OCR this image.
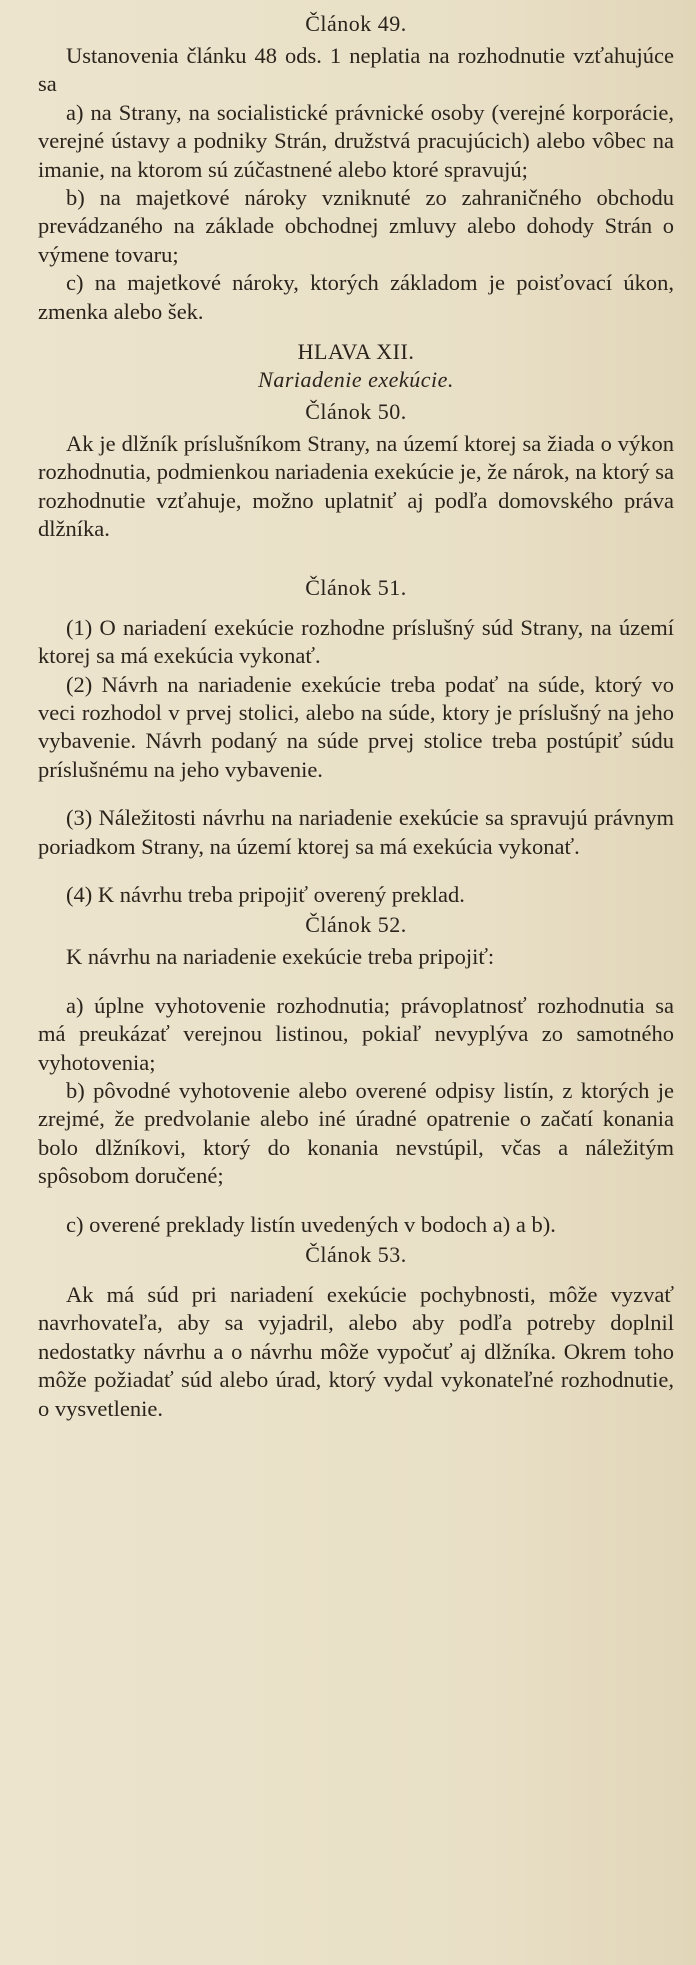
Článok 49.

Ustanovenia článku 48 ods. 1 neplatia na rozhodnutie vzťahujúce sa

a) na Strany, na socialistické právnické osoby (verejné korporácie, verejné ústavy a podniky Strán, družstvá pracujúcich) alebo vôbec na imanie, na ktorom sú zúčastnené alebo ktoré spravujú;

b) na majetkové nároky vzniknuté zo zahraničného obchodu prevádzaného na základe obchodnej zmluvy alebo dohody Strán o výmene tovaru;

c) na majetkové nároky, ktorých základom je poisťovací úkon, zmenka alebo šek.

HLAVA XII.
Nariadenie exekúcie.
Článok 50.

Ak je dlžník príslušníkom Strany, na území ktorej sa žiada o výkon rozhodnutia, podmienkou nariadenia exekúcie je, že nárok, na ktorý sa rozhodnutie vzťahuje, možno uplatniť aj podľa domovského práva dlžníka.

Článok 51.

(1) O nariadení exekúcie rozhodne príslušný súd Strany, na území ktorej sa má exekúcia vykonať.

(2) Návrh na nariadenie exekúcie treba podať na súde, ktorý vo veci rozhodol v prvej stolici, alebo na súde, ktory je príslušný na jeho vybavenie. Návrh podaný na súde prvej stolice treba postúpiť súdu príslušnému na jeho vybavenie.

(3) Náležitosti návrhu na nariadenie exekúcie sa spravujú právnym poriadkom Strany, na území ktorej sa má exekúcia vykonať.

(4) K návrhu treba pripojiť overený preklad.

Článok 52.

K návrhu na nariadenie exekúcie treba pripojiť:

a) úplne vyhotovenie rozhodnutia; právoplatnosť rozhodnutia sa má preukázať verejnou listinou, pokiaľ nevyplýva zo samotného vyhotovenia;

b) pôvodné vyhotovenie alebo overené odpisy listín, z ktorých je zrejmé, že predvolanie alebo iné úradné opatrenie o začatí konania bolo dlžníkovi, ktorý do konania nevstúpil, včas a náležitým spôsobom doručené;

c) overené preklady listín uvedených v bodoch a) a b).

Článok 53.

Ak má súd pri nariadení exekúcie pochybnosti, môže vyzvať navrhovateľa, aby sa vyjadril, alebo aby podľa potreby doplnil nedostatky návrhu a o návrhu môže vypočuť aj dlžníka. Okrem toho môže požiadať súd alebo úrad, ktorý vydal vykonateľné rozhodnutie, o vysvetlenie.
